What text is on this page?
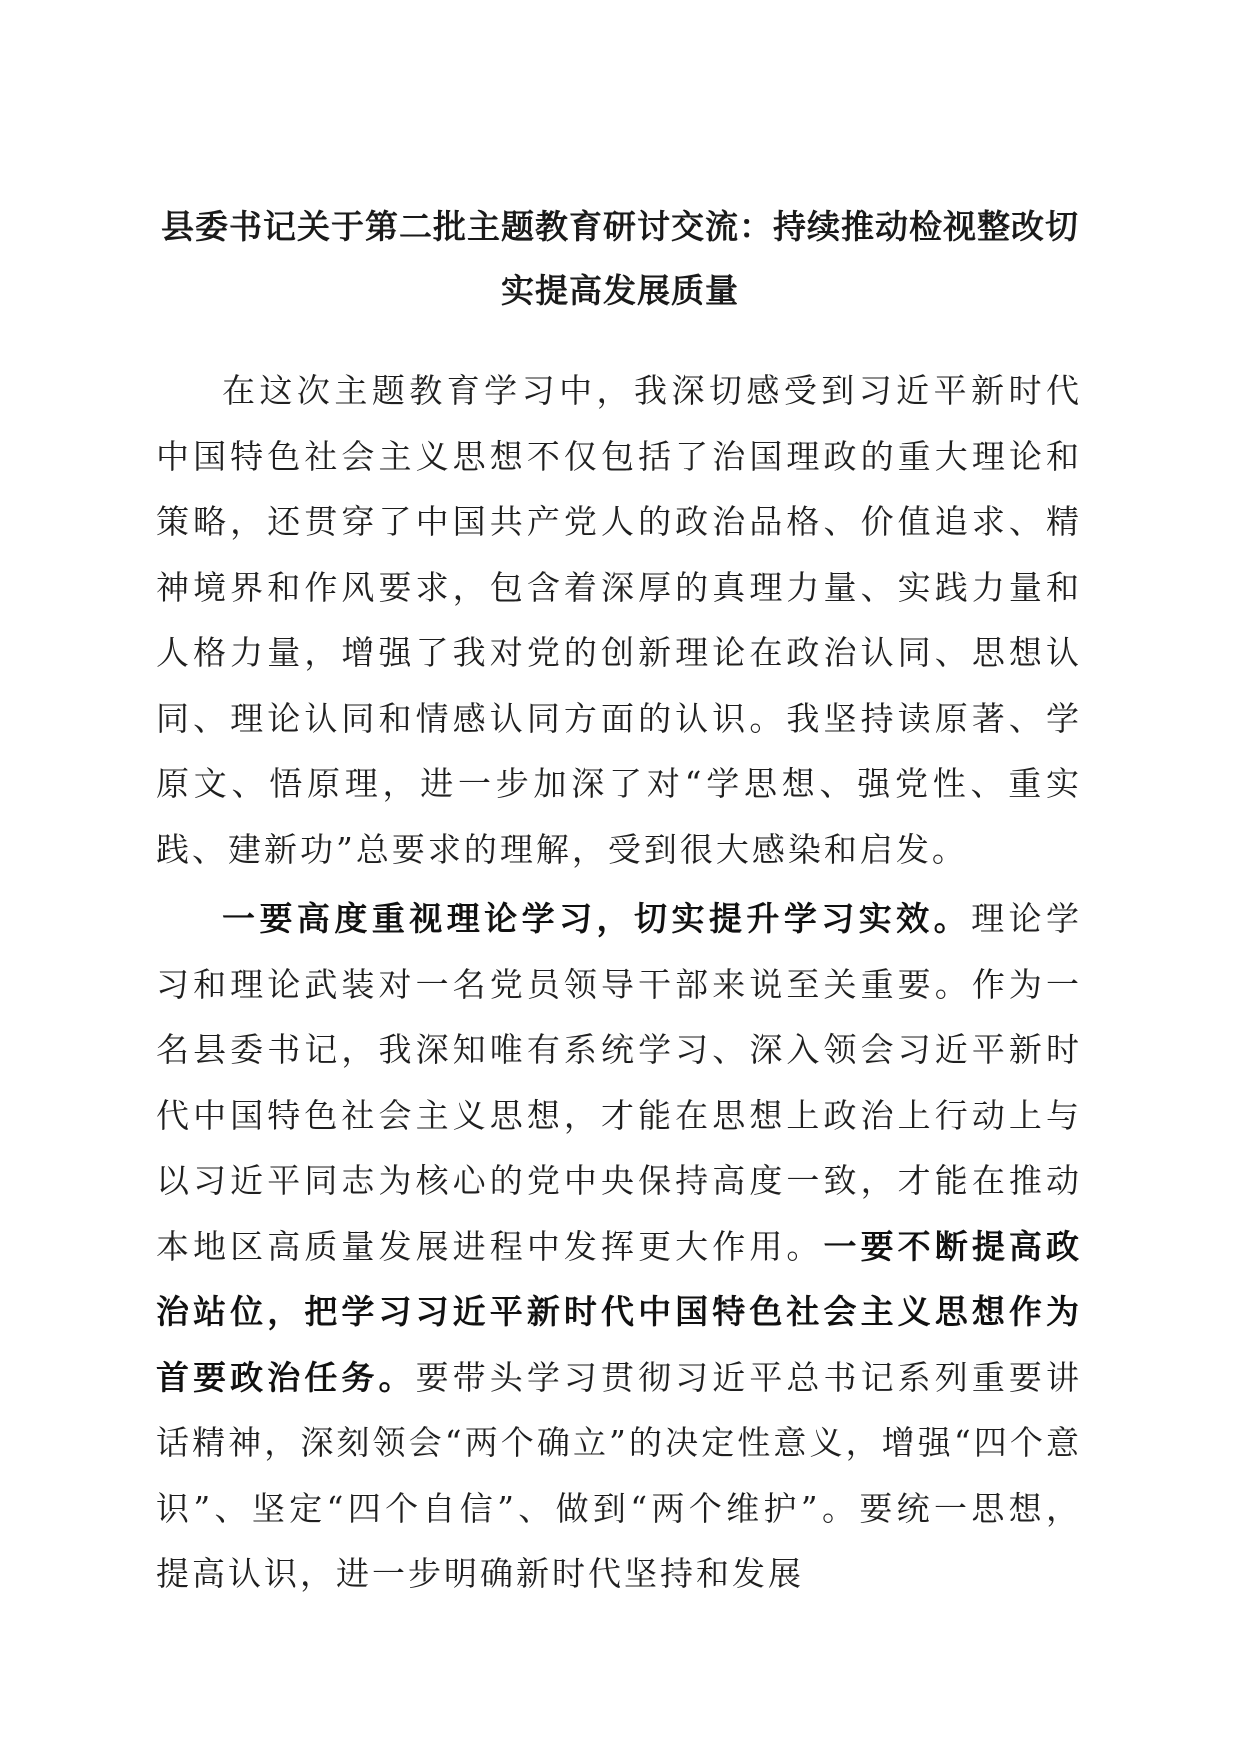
县委书记关于第二批主题教育研讨交流：持续推动检视整改切实提高发展质量

在这次主题教育学习中，我深切感受到习近平新时代中国特色社会主义思想不仅包括了治国理政的重大理论和策略，还贯穿了中国共产党人的政治品格、价值追求、精神境界和作风要求，包含着深厚的真理力量、实践力量和人格力量，增强了我对党的创新理论在政治认同、思想认同、理论认同和情感认同方面的认识。我坚持读原著、学原文、悟原理，进一步加深了对“学思想、强党性、重实践、建新功”总要求的理解，受到很大感染和启发。

一要高度重视理论学习，切实提升学习实效。理论学习和理论武装对一名党员领导干部来说至关重要。作为一名县委书记，我深知唯有系统学习、深入领会习近平新时代中国特色社会主义思想，才能在思想上政治上行动上与以习近平同志为核心的党中央保持高度一致，才能在推动本地区高质量发展进程中发挥更大作用。一要不断提高政治站位，把学习习近平新时代中国特色社会主义思想作为首要政治任务。要带头学习贯彻习近平总书记系列重要讲话精神，深刻领会“两个确立”的决定性意义，增强“四个意识”、坚定“四个自信”、做到“两个维护”。要统一思想，提高认识，进一步明确新时代坚持和发展
